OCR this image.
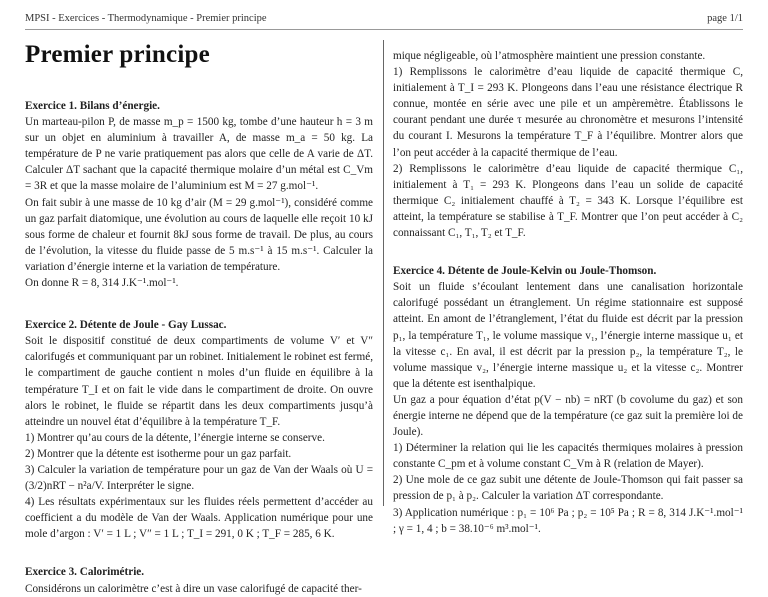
MPSI - Exercices - Thermodynamique - Premier principe	page 1/1
Premier principe

Exercice 1. Bilans d’énergie.

Un marteau-pilon P, de masse m_p = 1500 kg, tombe d’une hauteur h = 3 m sur un objet en aluminium à travailler A, de masse m_a = 50 kg. La température de P ne varie pratiquement pas alors que celle de A varie de ΔT. Calculer ΔT sachant que la capacité thermique molaire d’un métal est C_Vm = 3R et que la masse molaire de l’aluminium est M = 27 g.mol⁻¹.

On fait subir à une masse de 10 kg d’air (M = 29 g.mol⁻¹), considéré comme un gaz parfait diatomique, une évolution au cours de laquelle elle reçoit 10 kJ sous forme de chaleur et fournit 8kJ sous forme de travail. De plus, au cours de l’évolution, la vitesse du fluide passe de 5 m.s⁻¹ à 15 m.s⁻¹. Calculer la variation d’énergie interne et la variation de température.

On donne R = 8, 314 J.K⁻¹.mol⁻¹.

Exercice 2. Détente de Joule - Gay Lussac.

Soit le dispositif constitué de deux compartiments de volume V′ et V″ calorifugés et communiquant par un robinet. Initialement le robinet est fermé, le compartiment de gauche contient n moles d’un fluide en équilibre à la température T_I et on fait le vide dans le compartiment de droite. On ouvre alors le robinet, le fluide se répartit dans les deux compartiments jusqu’à atteindre un nouvel état d’équilibre à la température T_F.

1) Montrer qu’au cours de la détente, l’énergie interne se conserve.

2) Montrer que la détente est isotherme pour un gaz parfait.

3) Calculer la variation de température pour un gaz de Van der Waals où U = (3/2)nRT − n²a/V. Interpréter le signe.

4) Les résultats expérimentaux sur les fluides réels permettent d’accéder au coefficient a du modèle de Van der Waals. Application numérique pour une mole d’argon : V′ = 1 L ; V″ = 1 L ; T_I = 291, 0 K ; T_F = 285, 6 K.

Exercice 3. Calorimétrie.

Considérons un calorimètre c’est à dire un vase calorifugé de capacité ther-

mique négligeable, où l’atmosphère maintient une pression constante.

1) Remplissons le calorimètre d’eau liquide de capacité thermique C, initialement à T_I = 293 K. Plongeons dans l’eau une résistance électrique R connue, montée en série avec une pile et un ampèremètre. Établissons le courant pendant une durée τ mesurée au chronomètre et mesurons l’intensité du courant I. Mesurons la température T_F à l’équilibre. Montrer alors que l’on peut accéder à la capacité thermique de l’eau.

2) Remplissons le calorimètre d’eau liquide de capacité thermique C₁, initialement à T₁ = 293 K. Plongeons dans l’eau un solide de capacité thermique C₂ initialement chauffé à T₂ = 343 K. Lorsque l’équilibre est atteint, la température se stabilise à T_F. Montrer que l’on peut accéder à C₂ connaissant C₁, T₁, T₂ et T_F.

Exercice 4. Détente de Joule-Kelvin ou Joule-Thomson.

Soit un fluide s’écoulant lentement dans une canalisation horizontale calorifugé possédant un étranglement. Un régime stationnaire est supposé atteint. En amont de l’étranglement, l’état du fluide est décrit par la pression p₁, la température T₁, le volume massique v₁, l’énergie interne massique u₁ et la vitesse c₁. En aval, il est décrit par la pression p₂, la température T₂, le volume massique v₂, l’énergie interne massique u₂ et la vitesse c₂. Montrer que la détente est isenthalpique.

Un gaz a pour équation d’état p(V − nb) = nRT (b covolume du gaz) et son énergie interne ne dépend que de la température (ce gaz suit la première loi de Joule).

1) Déterminer la relation qui lie les capacités thermiques molaires à pression constante C_pm et à volume constant C_Vm à R (relation de Mayer).

2) Une mole de ce gaz subit une détente de Joule-Thomson qui fait passer sa pression de p₁ à p₂. Calculer la variation ΔT correspondante.

3) Application numérique : p₁ = 10⁶ Pa ; p₂ = 10⁵ Pa ; R = 8, 314 J.K⁻¹.mol⁻¹ ; γ = 1, 4 ; b = 38.10⁻⁶ m³.mol⁻¹.
